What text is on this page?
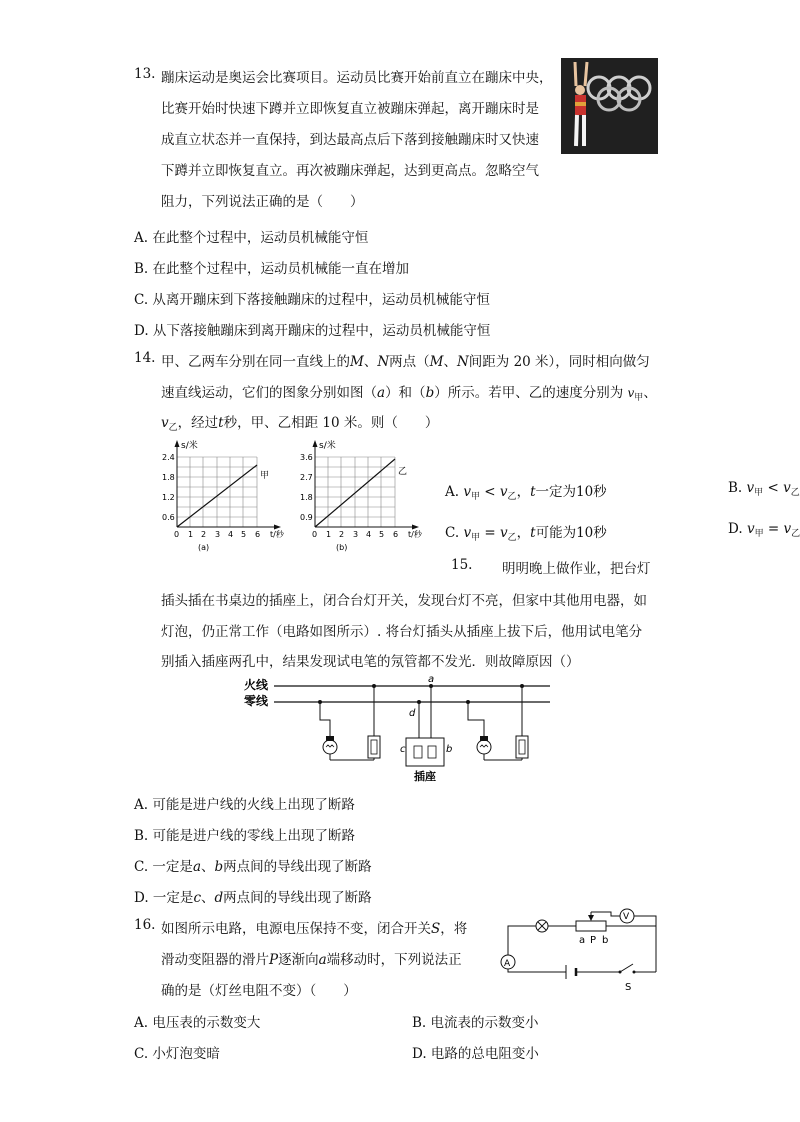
13. 蹦床运动是奥运会比赛项目。运动员比赛开始前直立在蹦床中央，
比赛开始时快速下蹲并立即恢复直立被蹦床弹起，离开蹦床时是
成直立状态并一直保持，到达最高点后下落到接触蹦床时又快速
下蹲并立即恢复直立。再次被蹦床弹起，达到更高点。忽略空气
阻力，下列说法正确的是（　　）
A. 在此整个过程中，运动员机械能守恒
B. 在此整个过程中，运动员机械能一直在增加
C. 从离开蹦床到下落接触蹦床的过程中，运动员机械能守恒
D. 从下落接触蹦床到离开蹦床的过程中，运动员机械能守恒
14. 甲、乙两车分别在同一直线上的M、N两点（M、N间距为 20 米），同时相向做匀
速直线运动，它们的图象分别如图（a）和（b）所示。若甲、乙的速度分别为 $v_甲$、
$v_乙$，经过t秒，甲、乙相距 10 米。则（　　）
s/米
2.4
1.8
1.2
0.6
0 1 2 3 4 5 6 t/秒
甲
(a)
s/米
3.6
2.7
1.8
0.9
0 1 2 3 4 5 6 t/秒
乙
(b)
A. $v_甲 < v_乙$，t一定为10秒	B. $v_甲 < v_乙$
C. $v_甲 = v_乙$，t可能为10秒	D. $v_甲 = v_乙$
15. 明明晚上做作业，把台灯
插头插在书桌边的插座上，闭合台灯开关，发现台灯不亮，但家中其他用电器，如
灯泡，仍正常工作（电路如图所示）. 将台灯插头从插座上拔下后，他用试电笔分
别插入插座两孔中，结果发现试电笔的氖管都不发光．则故障原因（）
火线
零线
a
d
c	b
插座
A. 可能是进户线的火线上出现了断路
B. 可能是进户线的零线上出现了断路
C. 一定是a、b两点间的导线出现了断路
D. 一定是c、d两点间的导线出现了断路
16. 如图所示电路，电源电压保持不变，闭合开关S，将
滑动变阻器的滑片P逐渐向a端移动时，下列说法正
确的是（灯丝电阻不变）（　　）
A
a P b
V
S
A. 电压表的示数变大	B. 电流表的示数变小
C. 小灯泡变暗	D. 电路的总电阻变小
